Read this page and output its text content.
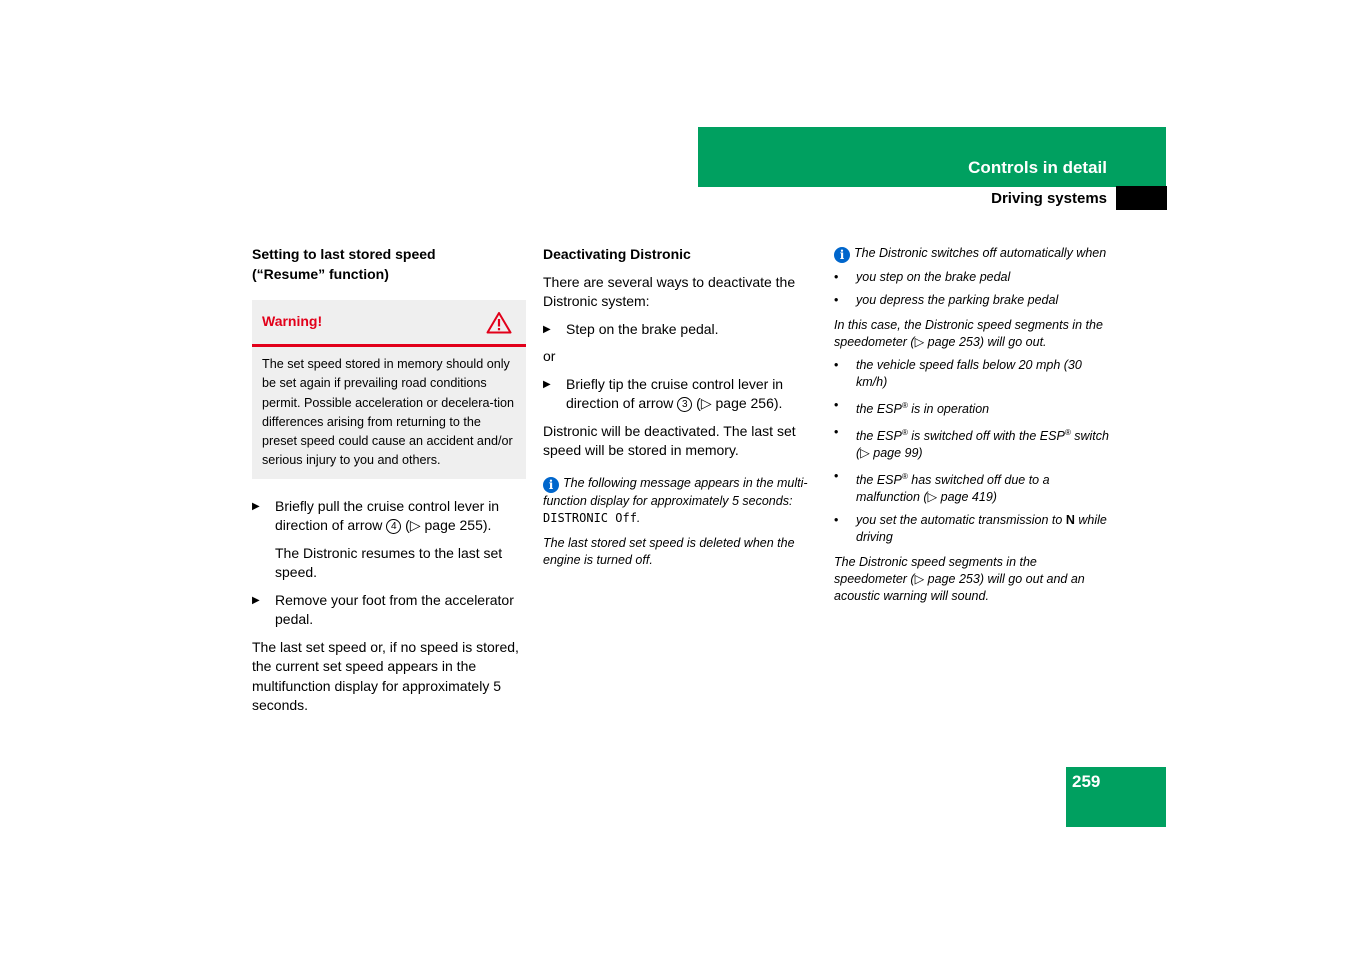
Controls in detail
Driving systems

Setting to last stored speed
(“Resume” function)

Warning!
The set speed stored in memory should only be set again if prevailing road conditions permit. Possible acceleration or decelera-tion differences arising from returning to the preset speed could cause an accident and/or serious injury to you and others.
▶	Briefly pull the cruise control lever in direction of arrow 4 (▷ page 255).

The Distronic resumes to the last set speed.

▶	Remove your foot from the accelerator pedal.

The last set speed or, if no speed is stored, the current set speed appears in the multifunction display for approximately 5 seconds.

Deactivating Distronic

There are several ways to deactivate the Distronic system:

▶	Step on the brake pedal.

or

▶	Briefly tip the cruise control lever in direction of arrow 3 (▷ page 256).

Distronic will be deactivated. The last set speed will be stored in memory.

i The following message appears in the multi-function display for approximately 5 seconds: DISTRONIC Off.

The last stored set speed is deleted when the engine is turned off.

i The Distronic switches off automatically when

•	you step on the brake pedal
•	you depress the parking brake pedal

In this case, the Distronic speed segments in the speedometer (▷ page 253) will go out.

•	the vehicle speed falls below 20 mph (30 km/h)
•	the ESP® is in operation
•	the ESP® is switched off with the ESP® switch (▷ page 99)
•	the ESP® has switched off due to a malfunction (▷ page 419)
•	you set the automatic transmission to N while driving

The Distronic speed segments in the speedometer (▷ page 253) will go out and an acoustic warning will sound.

259
